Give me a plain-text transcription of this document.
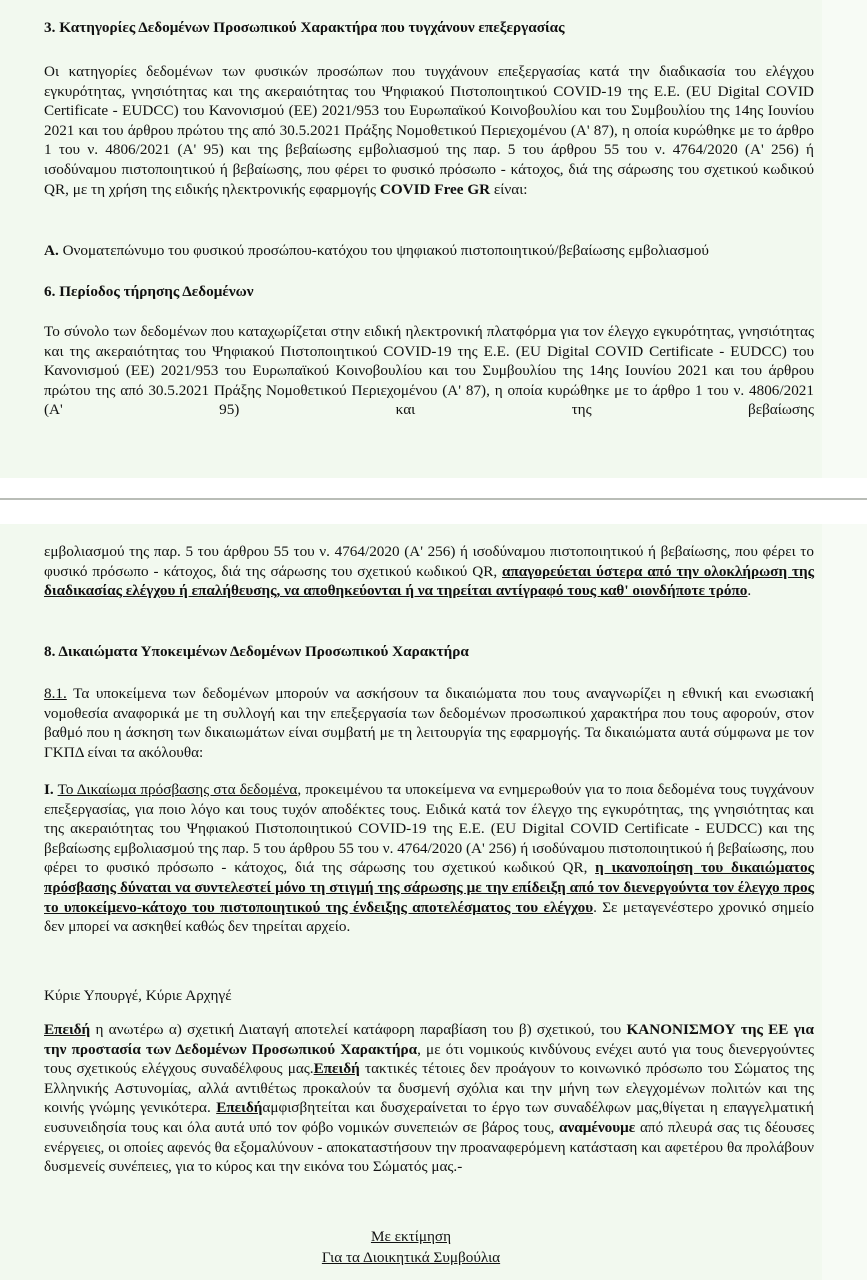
3. Κατηγορίες Δεδομένων Προσωπικού Χαρακτήρα που τυγχάνουν επεξεργασίας

Οι κατηγορίες δεδομένων των φυσικών προσώπων που τυγχάνουν επεξεργασίας κατά την διαδικασία του ελέγχου εγκυρότητας, γνησιότητας και της ακεραιότητας του Ψηφιακού Πιστοποιητικού COVID-19 της Ε.Ε. (EU Digital COVID Certificate - EUDCC) του Κανονισμού (ΕΕ) 2021/953 του Ευρωπαϊκού Κοινοβουλίου και του Συμβουλίου της 14ης Ιουνίου 2021 και του άρθρου πρώτου της από 30.5.2021 Πράξης Νομοθετικού Περιεχομένου (Α' 87), η οποία κυρώθηκε με το άρθρο 1 του ν. 4806/2021 (Α' 95) και της βεβαίωσης εμβολιασμού της παρ. 5 του άρθρου 55 του ν. 4764/2020 (Α' 256) ή ισοδύναμου πιστοποιητικού ή βεβαίωσης, που φέρει το φυσικό πρόσωπο - κάτοχος, διά της σάρωσης του σχετικού κωδικού QR, με τη χρήση της ειδικής ηλεκτρονικής εφαρμογής COVID Free GR είναι:

Α. Ονοματεπώνυμο του φυσικού προσώπου-κατόχου του ψηφιακού πιστοποιητικού/βεβαίωσης εμβολιασμού

6. Περίοδος τήρησης Δεδομένων

Το σύνολο των δεδομένων που καταχωρίζεται στην ειδική ηλεκτρονική πλατφόρμα για τον έλεγχο εγκυρότητας, γνησιότητας και της ακεραιότητας του Ψηφιακού Πιστοποιητικού COVID-19 της Ε.Ε. (EU Digital COVID Certificate - EUDCC) του Κανονισμού (ΕΕ) 2021/953 του Ευρωπαϊκού Κοινοβουλίου και του Συμβουλίου της 14ης Ιουνίου 2021 και του άρθρου πρώτου της από 30.5.2021 Πράξης Νομοθετικού Περιεχομένου (Α' 87), η οποία κυρώθηκε με το άρθρο 1 του ν. 4806/2021 (Α' 95) και της βεβαίωσης

εμβολιασμού της παρ. 5 του άρθρου 55 του ν. 4764/2020 (Α' 256) ή ισοδύναμου πιστοποιητικού ή βεβαίωσης, που φέρει το φυσικό πρόσωπο - κάτοχος, διά της σάρωσης του σχετικού κωδικού QR, απαγορεύεται ύστερα από την ολοκλήρωση της διαδικασίας ελέγχου ή επαλήθευσης, να αποθηκεύονται ή να τηρείται αντίγραφό τους καθ' οιονδήποτε τρόπο.

8. Δικαιώματα Υποκειμένων Δεδομένων Προσωπικού Χαρακτήρα

8.1. Τα υποκείμενα των δεδομένων μπορούν να ασκήσουν τα δικαιώματα που τους αναγνωρίζει η εθνική και ενωσιακή νομοθεσία αναφορικά με τη συλλογή και την επεξεργασία των δεδομένων προσωπικού χαρακτήρα που τους αφορούν, στον βαθμό που η άσκηση των δικαιωμάτων είναι συμβατή με τη λειτουργία της εφαρμογής. Τα δικαιώματα αυτά σύμφωνα με τον ΓΚΠΔ είναι τα ακόλουθα:

Ι. Το Δικαίωμα πρόσβασης στα δεδομένα, προκειμένου τα υποκείμενα να ενημερωθούν για το ποια δεδομένα τους τυγχάνουν επεξεργασίας, για ποιο λόγο και τους τυχόν αποδέκτες τους. Ειδικά κατά τον έλεγχο της εγκυρότητας, της γνησιότητας και της ακεραιότητας του Ψηφιακού Πιστοποιητικού COVID-19 της Ε.Ε. (EU Digital COVID Certificate - EUDCC) και της βεβαίωσης εμβολιασμού της παρ. 5 του άρθρου 55 του ν. 4764/2020 (Α' 256) ή ισοδύναμου πιστοποιητικού ή βεβαίωσης, που φέρει το φυσικό πρόσωπο - κάτοχος, διά της σάρωσης του σχετικού κωδικού QR, η ικανοποίηση του δικαιώματος πρόσβασης δύναται να συντελεστεί μόνο τη στιγμή της σάρωσης με την επίδειξη από τον διενεργούντα τον έλεγχο προς το υποκείμενο-κάτοχο του πιστοποιητικού της ένδειξης αποτελέσματος του ελέγχου. Σε μεταγενέστερο χρονικό σημείο δεν μπορεί να ασκηθεί καθώς δεν τηρείται αρχείο.

Κύριε Υπουργέ, Κύριε Αρχηγέ

Επειδή η ανωτέρω α) σχετική Διαταγή αποτελεί κατάφορη παραβίαση του β) σχετικού, του ΚΑΝΟΝΙΣΜΟΥ της ΕΕ για την προστασία των Δεδομένων Προσωπικού Χαρακτήρα, με ότι νομικούς κινδύνους ενέχει αυτό για τους διενεργούντες τους σχετικούς ελέγχους συναδέλφους μας.Επειδή τακτικές τέτοιες δεν προάγουν το κοινωνικό πρόσωπο του Σώματος της Ελληνικής Αστυνομίας, αλλά αντιθέτως προκαλούν τα δυσμενή σχόλια και την μήνη των ελεγχομένων πολιτών και της κοινής γνώμης γενικότερα. Επειδήαμφισβητείται και δυσχεραίνεται το έργο των συναδέλφων μας,θίγεται η επαγγελματική ευσυνειδησία τους και όλα αυτά υπό τον φόβο νομικών συνεπειών σε βάρος τους, αναμένουμε από πλευρά σας τις δέουσες ενέργειες, οι οποίες αφενός θα εξομαλύνουν - αποκαταστήσουν την προαναφερόμενη κατάσταση και αφετέρου θα προλάβουν δυσμενείς συνέπειες, για το κύρος και την εικόνα του Σώματός μας.-

Με εκτίμηση
Για τα Διοικητικά Συμβούλια
